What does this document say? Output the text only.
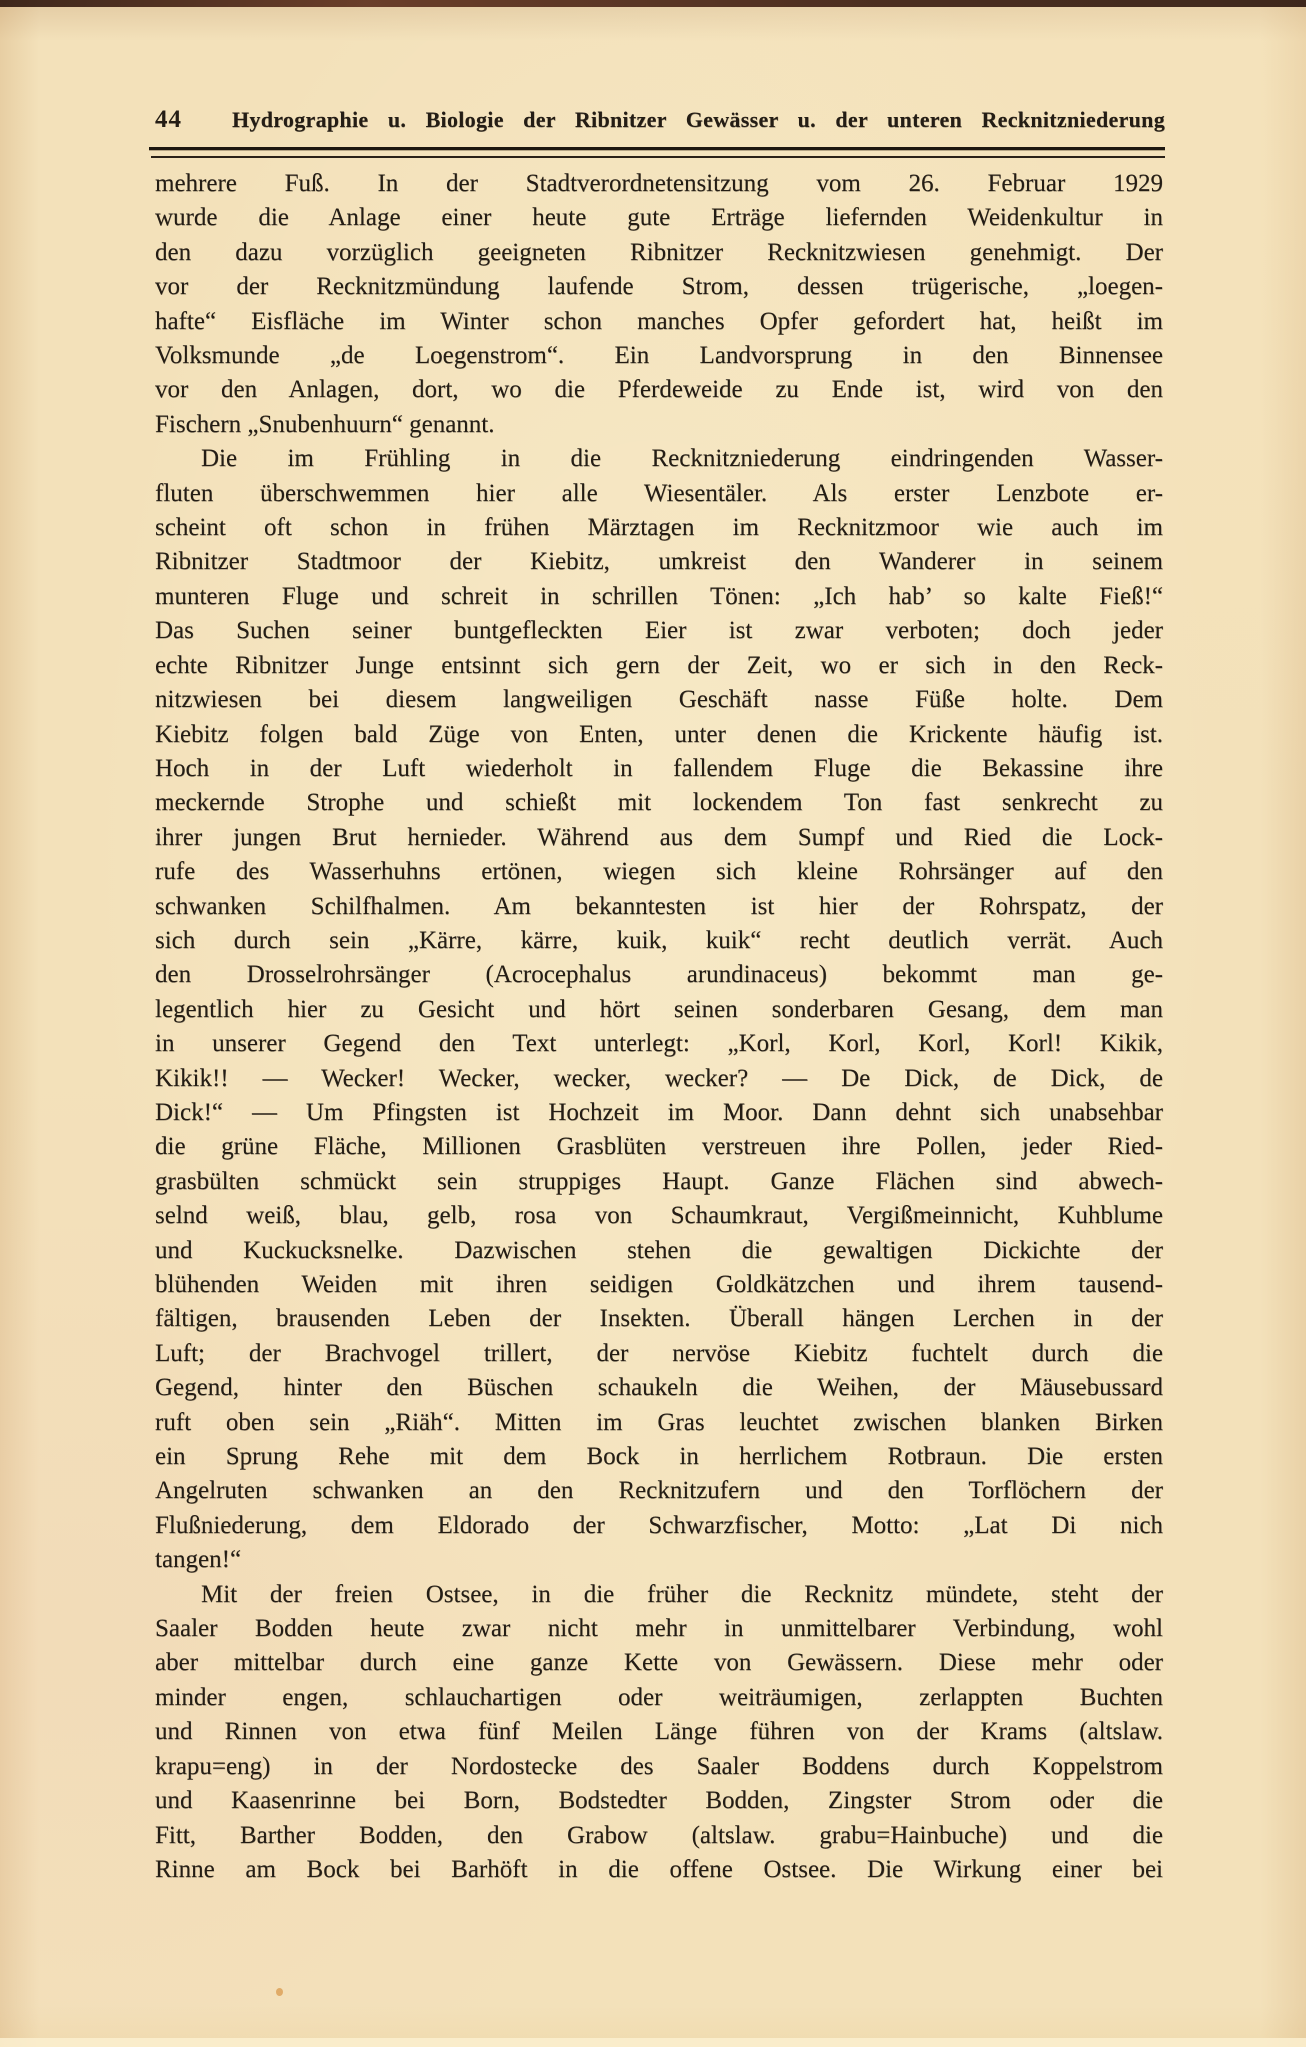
44 Hydrographie u. Biologie der Ribnitzer Gewässer u. der unteren Recknitzniederung
mehrere Fuß. In der Stadtverordnetensitzung vom 26. Februar 1929
wurde die Anlage einer heute gute Erträge liefernden Weidenkultur in
den dazu vorzüglich geeigneten Ribnitzer Recknitzwiesen genehmigt. Der
vor der Recknitzmündung laufende Strom, dessen trügerische, „loegen-
hafte“ Eisfläche im Winter schon manches Opfer gefordert hat, heißt im
Volksmunde „de Loegenstrom“. Ein Landvorsprung in den Binnensee
vor den Anlagen, dort, wo die Pferdeweide zu Ende ist, wird von den
Fischern „Snubenhuurn“ genannt.
Die im Frühling in die Recknitzniederung eindringenden Wasser-
fluten überschwemmen hier alle Wiesentäler. Als erster Lenzbote er-
scheint oft schon in frühen Märztagen im Recknitzmoor wie auch im
Ribnitzer Stadtmoor der Kiebitz, umkreist den Wanderer in seinem
munteren Fluge und schreit in schrillen Tönen: „Ich hab’ so kalte Fieß!“
Das Suchen seiner buntgefleckten Eier ist zwar verboten; doch jeder
echte Ribnitzer Junge entsinnt sich gern der Zeit, wo er sich in den Reck-
nitzwiesen bei diesem langweiligen Geschäft nasse Füße holte. Dem
Kiebitz folgen bald Züge von Enten, unter denen die Krickente häufig ist.
Hoch in der Luft wiederholt in fallendem Fluge die Bekassine ihre
meckernde Strophe und schießt mit lockendem Ton fast senkrecht zu
ihrer jungen Brut hernieder. Während aus dem Sumpf und Ried die Lock-
rufe des Wasserhuhns ertönen, wiegen sich kleine Rohrsänger auf den
schwanken Schilfhalmen. Am bekanntesten ist hier der Rohrspatz, der
sich durch sein „Kärre, kärre, kuik, kuik“ recht deutlich verrät. Auch
den Drosselrohrsänger (Acrocephalus arundinaceus) bekommt man ge-
legentlich hier zu Gesicht und hört seinen sonderbaren Gesang, dem man
in unserer Gegend den Text unterlegt: „Korl, Korl, Korl, Korl! Kikik,
Kikik!! — Wecker! Wecker, wecker, wecker? — De Dick, de Dick, de
Dick!“ — Um Pfingsten ist Hochzeit im Moor. Dann dehnt sich unabsehbar
die grüne Fläche, Millionen Grasblüten verstreuen ihre Pollen, jeder Ried-
grasbülten schmückt sein struppiges Haupt. Ganze Flächen sind abwech-
selnd weiß, blau, gelb, rosa von Schaumkraut, Vergißmeinnicht, Kuhblume
und Kuckucksnelke. Dazwischen stehen die gewaltigen Dickichte der
blühenden Weiden mit ihren seidigen Goldkätzchen und ihrem tausend-
fältigen, brausenden Leben der Insekten. Überall hängen Lerchen in der
Luft; der Brachvogel trillert, der nervöse Kiebitz fuchtelt durch die
Gegend, hinter den Büschen schaukeln die Weihen, der Mäusebussard
ruft oben sein „Riäh“. Mitten im Gras leuchtet zwischen blanken Birken
ein Sprung Rehe mit dem Bock in herrlichem Rotbraun. Die ersten
Angelruten schwanken an den Recknitzufern und den Torflöchern der
Flußniederung, dem Eldorado der Schwarzfischer, Motto: „Lat Di nich
tangen!“
Mit der freien Ostsee, in die früher die Recknitz mündete, steht der
Saaler Bodden heute zwar nicht mehr in unmittelbarer Verbindung, wohl
aber mittelbar durch eine ganze Kette von Gewässern. Diese mehr oder
minder engen, schlauchartigen oder weiträumigen, zerlappten Buchten
und Rinnen von etwa fünf Meilen Länge führen von der Krams (altslaw.
krapu=eng) in der Nordostecke des Saaler Boddens durch Koppelstrom
und Kaasenrinne bei Born, Bodstedter Bodden, Zingster Strom oder die
Fitt, Barther Bodden, den Grabow (altslaw. grabu=Hainbuche) und die
Rinne am Bock bei Barhöft in die offene Ostsee. Die Wirkung einer bei
